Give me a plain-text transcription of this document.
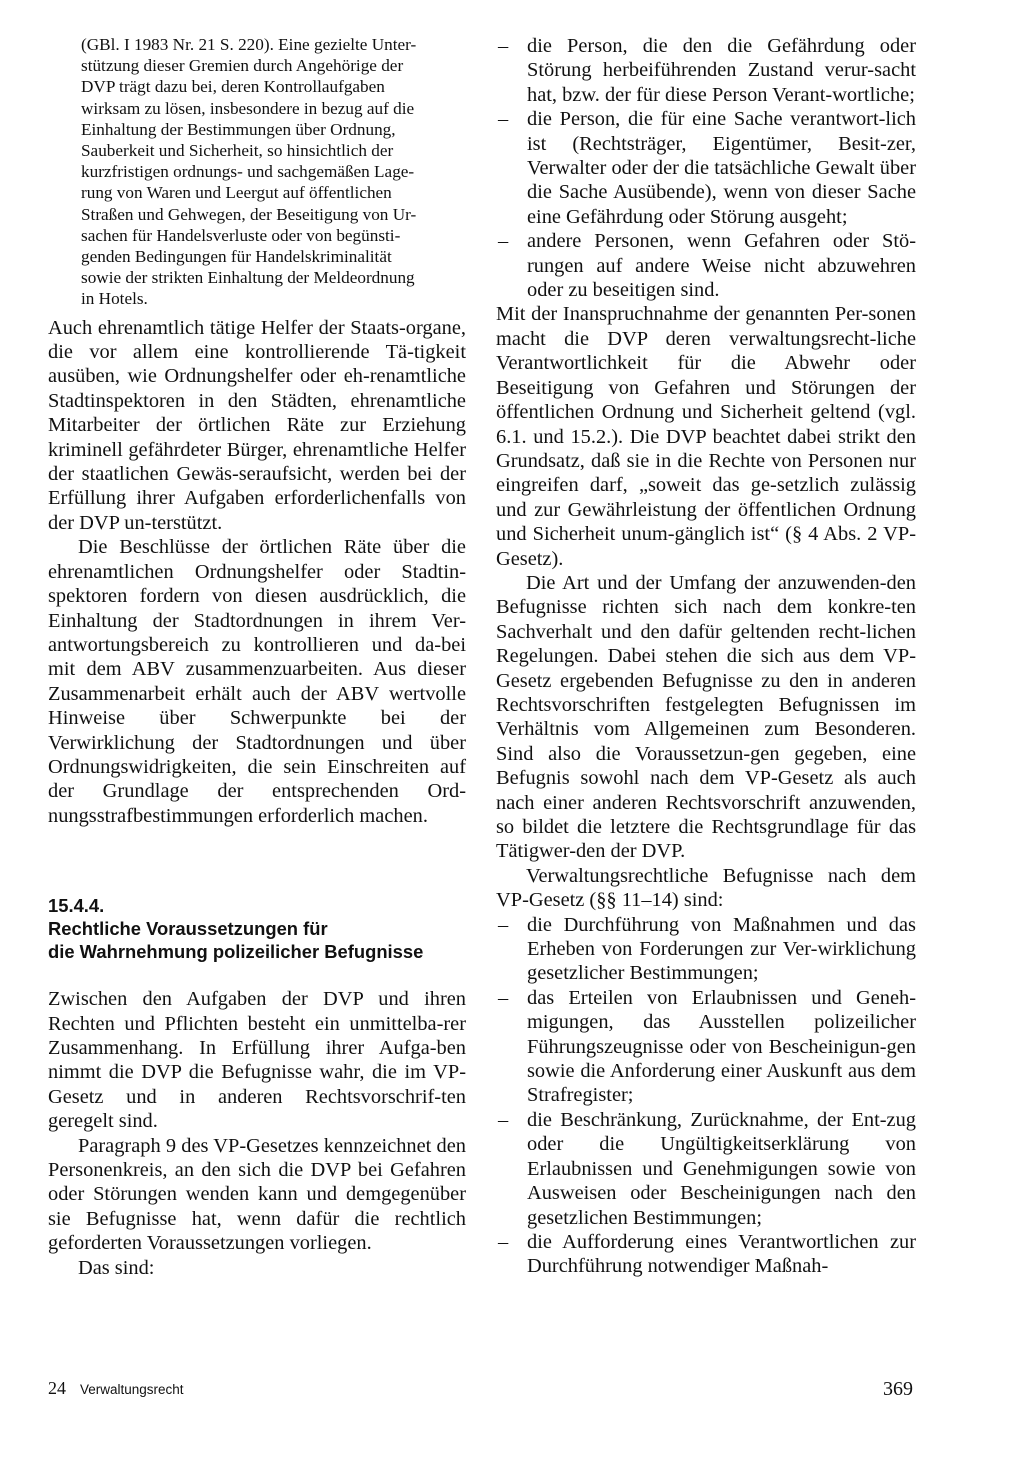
(GBl. I 1983 Nr. 21 S. 220). Eine gezielte Unter-

stützung dieser Gremien durch Angehörige der

DVP trägt dazu bei, deren Kontrollaufgaben

wirksam zu lösen, insbesondere in bezug auf die

Einhaltung der Bestimmungen über Ordnung,

Sauberkeit und Sicherheit, so hinsichtlich der

kurzfristigen ordnungs- und sachgemäßen Lage-

rung von Waren und Leergut auf öffentlichen

Straßen und Gehwegen, der Beseitigung von Ur-

sachen für Handelsverluste oder von begünsti-

genden Bedingungen für Handelskriminalität

sowie der strikten Einhaltung der Meldeordnung

in Hotels.

Auch ehrenamtlich tätige Helfer der Staats-organe, die vor allem eine kontrollierende Tä-tigkeit ausüben, wie Ordnungshelfer oder eh-renamtliche Stadtinspektoren in den Städten, ehrenamtliche Mitarbeiter der örtlichen Räte zur Erziehung kriminell gefährdeter Bürger, ehrenamtliche Helfer der staatlichen Gewäs-seraufsicht, werden bei der Erfüllung ihrer Aufgaben erforderlichenfalls von der DVP un-terstützt.

Die Beschlüsse der örtlichen Räte über die ehrenamtlichen Ordnungshelfer oder Stadtin-spektoren fordern von diesen ausdrücklich, die Einhaltung der Stadtordnungen in ihrem Ver-antwortungsbereich zu kontrollieren und da-bei mit dem ABV zusammenzuarbeiten. Aus dieser Zusammenarbeit erhält auch der ABV wertvolle Hinweise über Schwerpunkte bei der Verwirklichung der Stadtordnungen und über Ordnungswidrigkeiten, die sein Einschreiten auf der Grundlage der entsprechenden Ord-nungsstrafbestimmungen erforderlich machen.

15.4.4.

Rechtliche Voraussetzungen für

die Wahrnehmung polizeilicher Befugnisse

Zwischen den Aufgaben der DVP und ihren Rechten und Pflichten besteht ein unmittelba-rer Zusammenhang. In Erfüllung ihrer Aufga-ben nimmt die DVP die Befugnisse wahr, die im VP-Gesetz und in anderen Rechtsvorschrif-ten geregelt sind.

Paragraph 9 des VP-Gesetzes kennzeichnet den Personenkreis, an den sich die DVP bei Gefahren oder Störungen wenden kann und demgegenüber sie Befugnisse hat, wenn dafür die rechtlich geforderten Voraussetzungen vorliegen.

Das sind:

– die Person, die den die Gefährdung oder Störung herbeiführenden Zustand verur-sacht hat, bzw. der für diese Person Verant-wortliche;
– die Person, die für eine Sache verantwort-lich ist (Rechtsträger, Eigentümer, Besit-zer, Verwalter oder der die tatsächliche Gewalt über die Sache Ausübende), wenn von dieser Sache eine Gefährdung oder Störung ausgeht;
– andere Personen, wenn Gefahren oder Stö-rungen auf andere Weise nicht abzuwehren oder zu beseitigen sind.

Mit der Inanspruchnahme der genannten Per-sonen macht die DVP deren verwaltungsrecht-liche Verantwortlichkeit für die Abwehr oder Beseitigung von Gefahren und Störungen der öffentlichen Ordnung und Sicherheit geltend (vgl. 6.1. und 15.2.). Die DVP beachtet dabei strikt den Grundsatz, daß sie in die Rechte von Personen nur eingreifen darf, „soweit das ge-setzlich zulässig und zur Gewährleistung der öffentlichen Ordnung und Sicherheit unum-gänglich ist“ (§ 4 Abs. 2 VP-Gesetz).

Die Art und der Umfang der anzuwenden-den Befugnisse richten sich nach dem konkre-ten Sachverhalt und den dafür geltenden recht-lichen Regelungen. Dabei stehen die sich aus dem VP-Gesetz ergebenden Befugnisse zu den in anderen Rechtsvorschriften festgelegten Befugnissen im Verhältnis vom Allgemeinen zum Besonderen. Sind also die Voraussetzun-gen gegeben, eine Befugnis sowohl nach dem VP-Gesetz als auch nach einer anderen Rechtsvorschrift anzuwenden, so bildet die letztere die Rechtsgrundlage für das Tätigwer-den der DVP.

Verwaltungsrechtliche Befugnisse nach dem VP-Gesetz (§§ 11–14) sind:

– die Durchführung von Maßnahmen und das Erheben von Forderungen zur Ver-wirklichung gesetzlicher Bestimmungen;
– das Erteilen von Erlaubnissen und Geneh-migungen, das Ausstellen polizeilicher Führungszeugnisse oder von Bescheinigun-gen sowie die Anforderung einer Auskunft aus dem Strafregister;
– die Beschränkung, Zurücknahme, der Ent-zug oder die Ungültigkeitserklärung von Erlaubnissen und Genehmigungen sowie von Ausweisen oder Bescheinigungen nach den gesetzlichen Bestimmungen;
– die Aufforderung eines Verantwortlichen zur Durchführung notwendiger Maßnah-
24 Verwaltungsrecht	369
